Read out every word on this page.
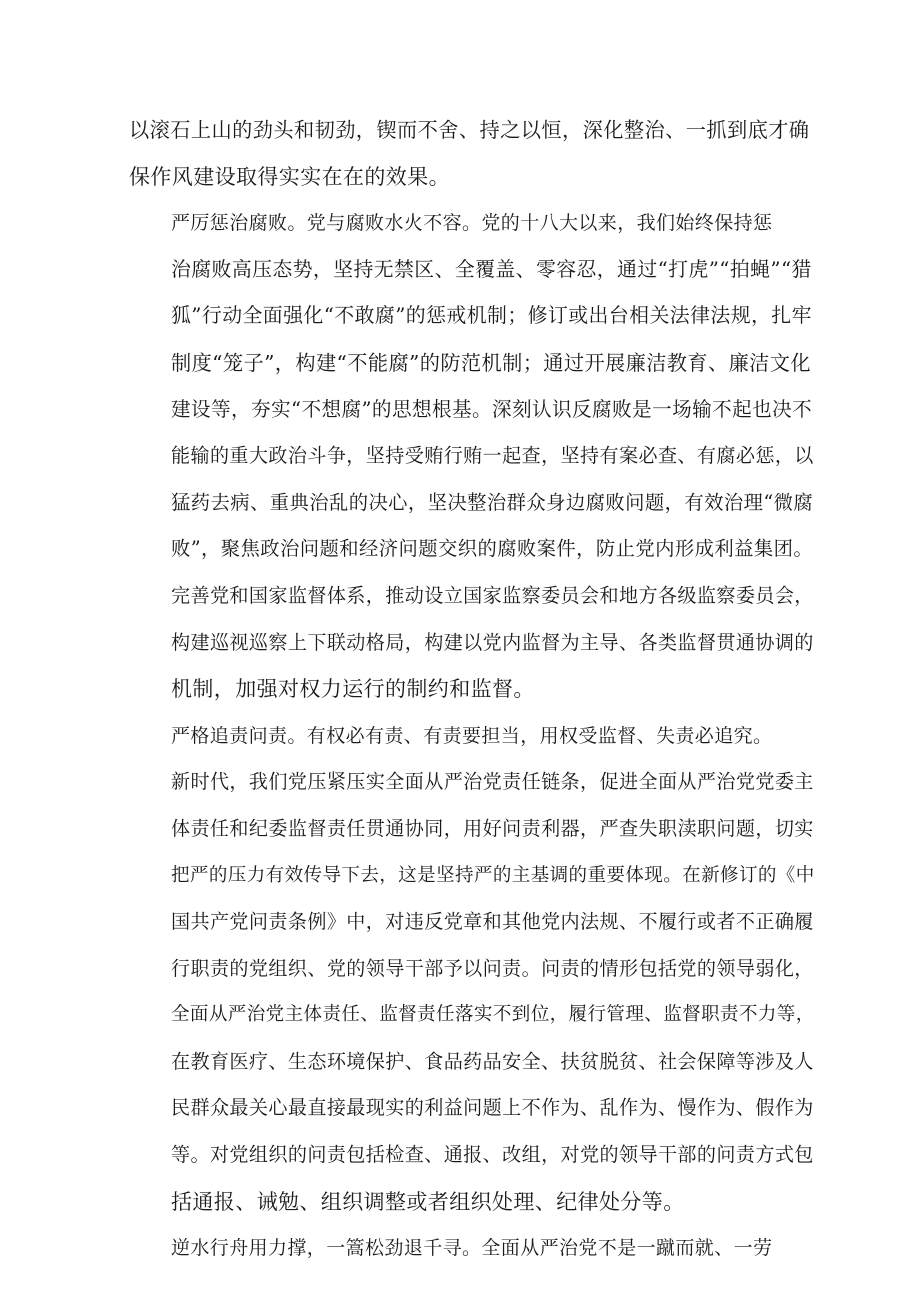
以滚石上山的劲头和韧劲，锲而不舍、持之以恒，深化整治、一抓到底才确
保作风建设取得实实在在的效果。

严厉惩治腐败。党与腐败水火不容。党的十八大以来，我们始终保持惩
治腐败高压态势，坚持无禁区、全覆盖、零容忍，通过“打虎”“拍蝇”“猎
狐”行动全面强化“不敢腐”的惩戒机制；修订或出台相关法律法规，扎牢
制度“笼子”，构建“不能腐”的防范机制；通过开展廉洁教育、廉洁文化
建设等，夯实“不想腐”的思想根基。深刻认识反腐败是一场输不起也决不
能输的重大政治斗争，坚持受贿行贿一起查，坚持有案必查、有腐必惩，以
猛药去病、重典治乱的决心，坚决整治群众身边腐败问题，有效治理“微腐
败”，聚焦政治问题和经济问题交织的腐败案件，防止党内形成利益集团。
完善党和国家监督体系，推动设立国家监察委员会和地方各级监察委员会，
构建巡视巡察上下联动格局，构建以党内监督为主导、各类监督贯通协调的
机制，加强对权力运行的制约和监督。

严格追责问责。有权必有责、有责要担当，用权受监督、失责必追究。
新时代，我们党压紧压实全面从严治党责任链条，促进全面从严治党党委主
体责任和纪委监督责任贯通协同，用好问责利器，严查失职渎职问题，切实
把严的压力有效传导下去，这是坚持严的主基调的重要体现。在新修订的《中
国共产党问责条例》中，对违反党章和其他党内法规、不履行或者不正确履
行职责的党组织、党的领导干部予以问责。问责的情形包括党的领导弱化，
全面从严治党主体责任、监督责任落实不到位，履行管理、监督职责不力等，
在教育医疗、生态环境保护、食品药品安全、扶贫脱贫、社会保障等涉及人
民群众最关心最直接最现实的利益问题上不作为、乱作为、慢作为、假作为
等。对党组织的问责包括检查、通报、改组，对党的领导干部的问责方式包
括通报、诫勉、组织调整或者组织处理、纪律处分等。

逆水行舟用力撑，一篙松劲退千寻。全面从严治党不是一蹴而就、一劳
